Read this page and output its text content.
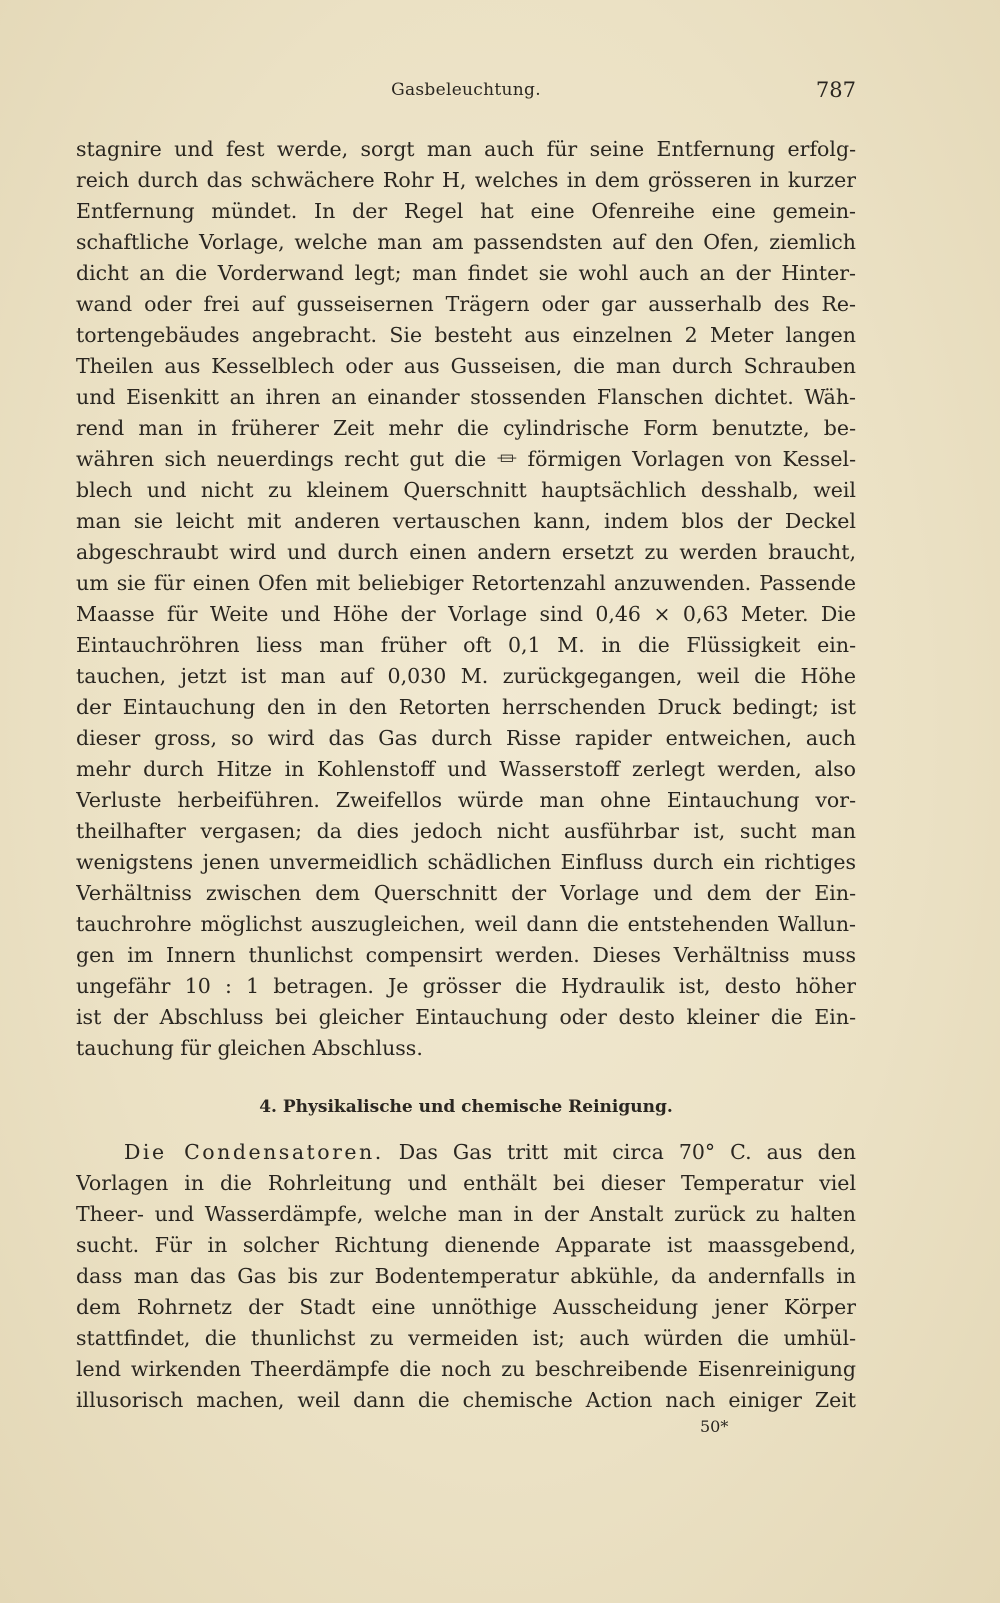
Gasbeleuchtung.	787
stagnire und fest werde, sorgt man auch für seine Entfernung erfolg-
reich durch das schwächere Rohr H, welches in dem grösseren in kurzer
Entfernung mündet. In der Regel hat eine Ofenreihe eine gemein-
schaftliche Vorlage, welche man am passendsten auf den Ofen, ziemlich
dicht an die Vorderwand legt; man findet sie wohl auch an der Hinter-
wand oder frei auf gusseisernen Trägern oder gar ausserhalb des Re-
tortengebäudes angebracht. Sie besteht aus einzelnen 2 Meter langen
Theilen aus Kesselblech oder aus Gusseisen, die man durch Schrauben
und Eisenkitt an ihren an einander stossenden Flanschen dichtet. Wäh-
rend man in früherer Zeit mehr die cylindrische Form benutzte, be-
währen sich neuerdings recht gut die ⏛ förmigen Vorlagen von Kessel-
blech und nicht zu kleinem Querschnitt hauptsächlich desshalb, weil
man sie leicht mit anderen vertauschen kann, indem blos der Deckel
abgeschraubt wird und durch einen andern ersetzt zu werden braucht,
um sie für einen Ofen mit beliebiger Retortenzahl anzuwenden. Passende
Maasse für Weite und Höhe der Vorlage sind 0,46 × 0,63 Meter. Die
Eintauchröhren liess man früher oft 0,1 M. in die Flüssigkeit ein-
tauchen, jetzt ist man auf 0,030 M. zurückgegangen, weil die Höhe
der Eintauchung den in den Retorten herrschenden Druck bedingt; ist
dieser gross, so wird das Gas durch Risse rapider entweichen, auch
mehr durch Hitze in Kohlenstoff und Wasserstoff zerlegt werden, also
Verluste herbeiführen. Zweifellos würde man ohne Eintauchung vor-
theilhafter vergasen; da dies jedoch nicht ausführbar ist, sucht man
wenigstens jenen unvermeidlich schädlichen Einfluss durch ein richtiges
Verhältniss zwischen dem Querschnitt der Vorlage und dem der Ein-
tauchrohre möglichst auszugleichen, weil dann die entstehenden Wallun-
gen im Innern thunlichst compensirt werden. Dieses Verhältniss muss
ungefähr 10 : 1 betragen. Je grösser die Hydraulik ist, desto höher
ist der Abschluss bei gleicher Eintauchung oder desto kleiner die Ein-
tauchung für gleichen Abschluss.
4. Physikalische und chemische Reinigung.
Die Condensatoren. Das Gas tritt mit circa 70° C. aus den
Vorlagen in die Rohrleitung und enthält bei dieser Temperatur viel
Theer- und Wasserdämpfe, welche man in der Anstalt zurück zu halten
sucht. Für in solcher Richtung dienende Apparate ist maassgebend,
dass man das Gas bis zur Bodentemperatur abkühle, da andernfalls in
dem Rohrnetz der Stadt eine unnöthige Ausscheidung jener Körper
stattfindet, die thunlichst zu vermeiden ist; auch würden die umhül-
lend wirkenden Theerdämpfe die noch zu beschreibende Eisenreinigung
illusorisch machen, weil dann die chemische Action nach einiger Zeit
50*
